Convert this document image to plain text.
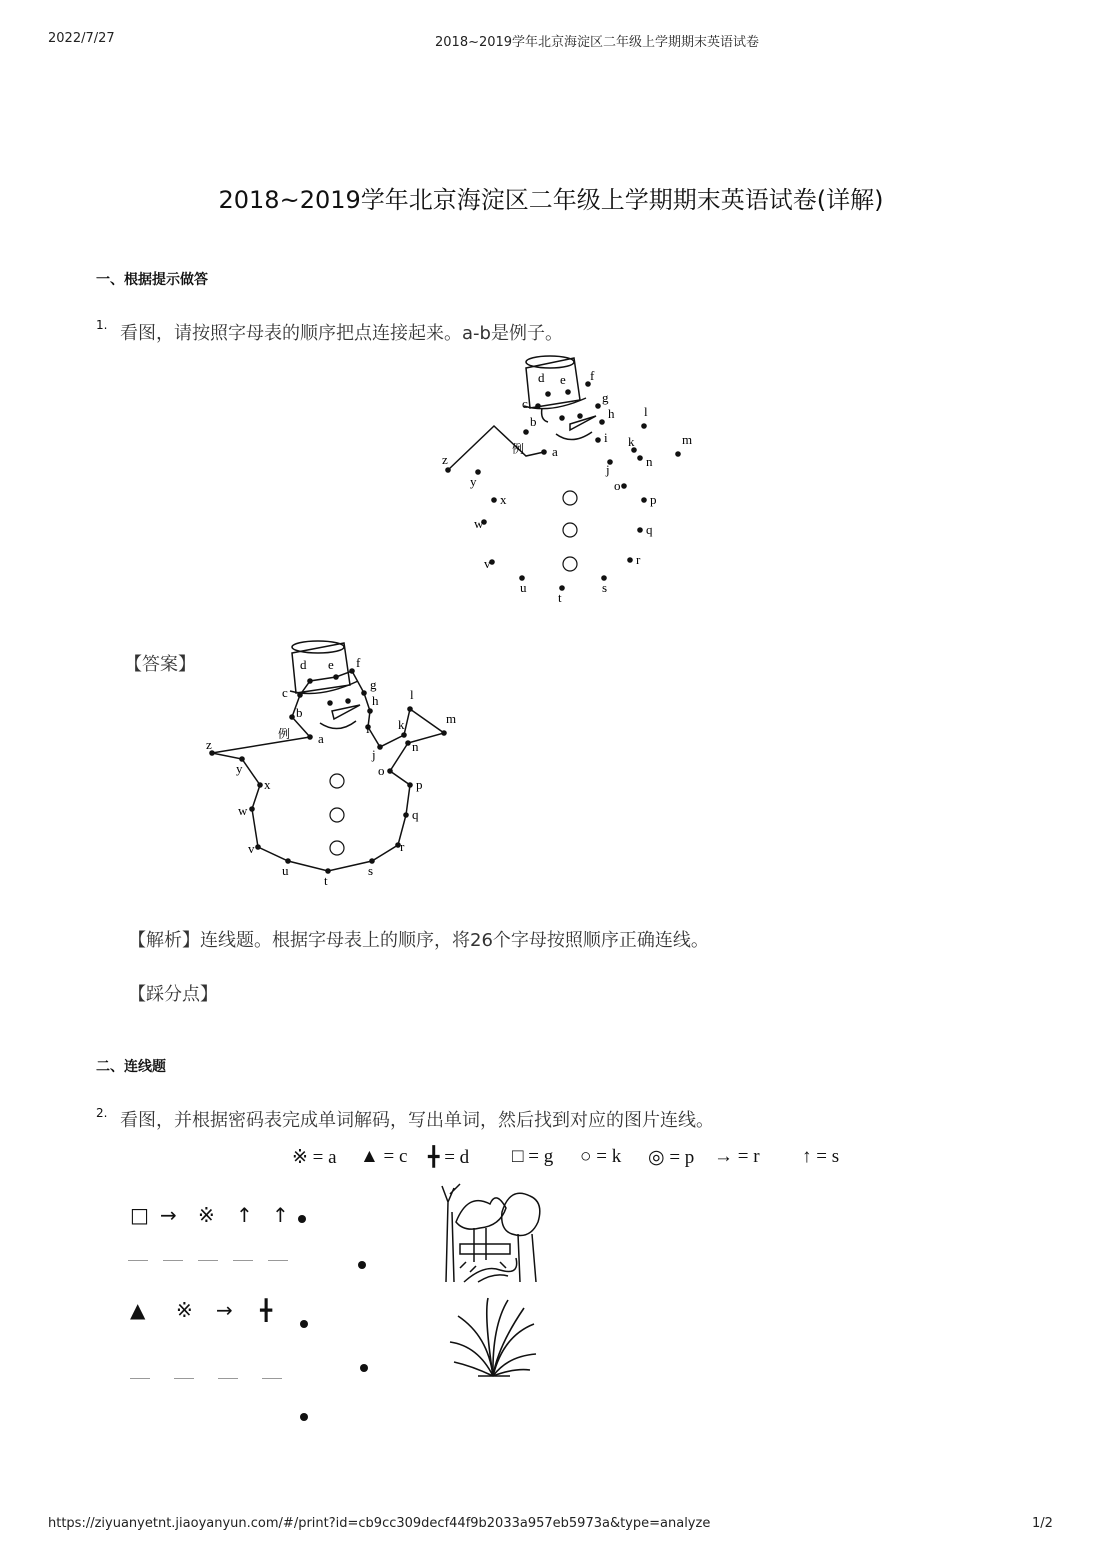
2022/7/27	2018~2019学年北京海淀区二年级上学期期末英语试卷
2018~2019学年北京海淀区二年级上学期期末英语试卷(详解)
一、根据提示做答
1. 看图，请按照字母表的顺序把点连接起来。a-b是例子。
a
b
c
d e f
g
h
i
j
k
l
m
n
o
p
q
r
s
t
u
v
w
x
y
z
例
【答案】
a
b
c
d e f
g
h
i
j
k
l
m
n
o
p
q
r
s
t
u
v
w
x
y
z
例
【解析】连线题。根据字母表上的顺序，将26个字母按照顺序正确连线。
【踩分点】
二、连线题
2. 看图，并根据密码表完成单词解码，写出单词，然后找到对应的图片连线。
※ = a ▲ = c ╋ = d □ = g ○ = k ◎ = p → = r ↑ = s
□ → ※ ↑ ↑
▲ ※ → ╋
https://ziyuanyetnt.jiaoyanyun.com/#/print?id=cb9cc309decf44f9b2033a957eb5973a&type=analyze	1/2
